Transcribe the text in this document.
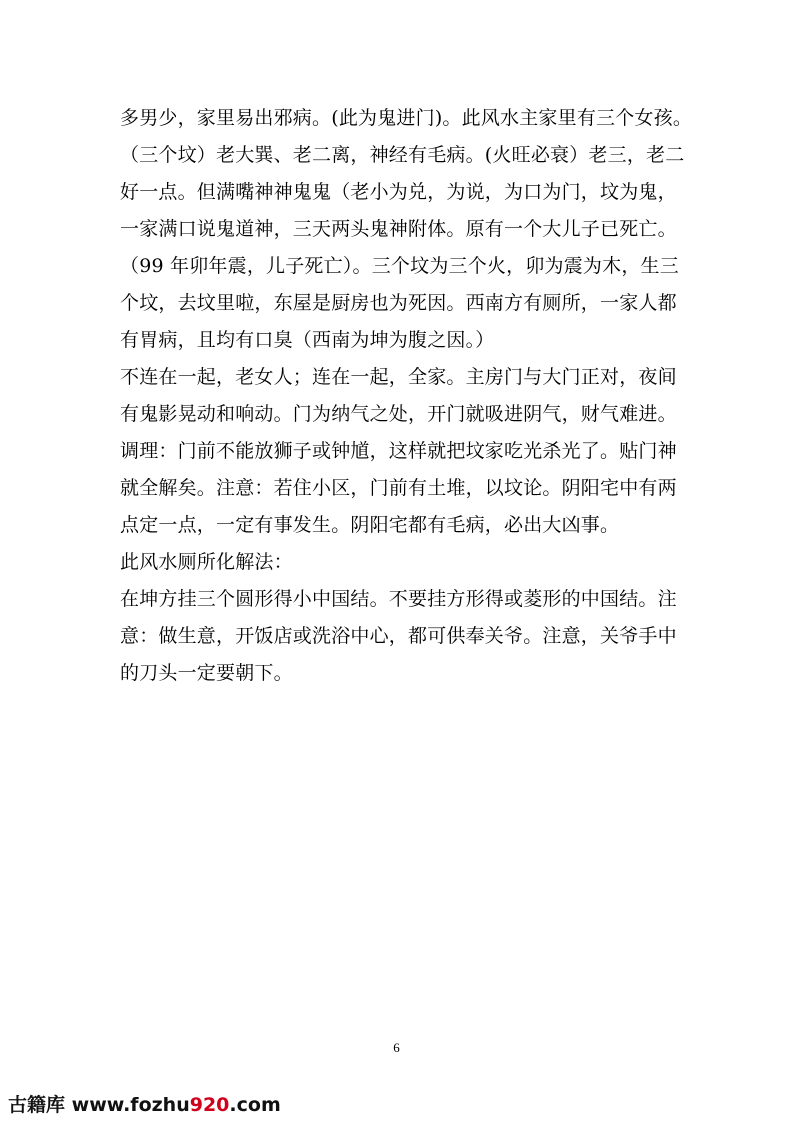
多男少，家里易出邪病。(此为鬼进门)。此风水主家里有三个女孩。
（三个坟）老大巽、老二离，神经有毛病。(火旺必衰）老三，老二
好一点。但满嘴神神鬼鬼（老小为兑，为说，为口为门，坟为鬼，
一家满口说鬼道神，三天两头鬼神附体。原有一个大儿子已死亡。
（99 年卯年震，儿子死亡）。三个坟为三个火，卯为震为木，生三
个坟，去坟里啦，东屋是厨房也为死因。西南方有厕所，一家人都
有胃病，且均有口臭（西南为坤为腹之因。）
不连在一起，老女人；连在一起，全家。主房门与大门正对，夜间
有鬼影晃动和响动。门为纳气之处，开门就吸进阴气，财气难进。
调理：门前不能放狮子或钟馗，这样就把坟家吃光杀光了。贴门神
就全解矣。注意：若住小区，门前有土堆，以坟论。阴阳宅中有两
点定一点，一定有事发生。阴阳宅都有毛病，必出大凶事。
此风水厕所化解法：
在坤方挂三个圆形得小中国结。不要挂方形得或菱形的中国结。注
意：做生意，开饭店或洗浴中心，都可供奉关爷。注意，关爷手中
的刀头一定要朝下。
6
古籍库 www.fozhu920.com
